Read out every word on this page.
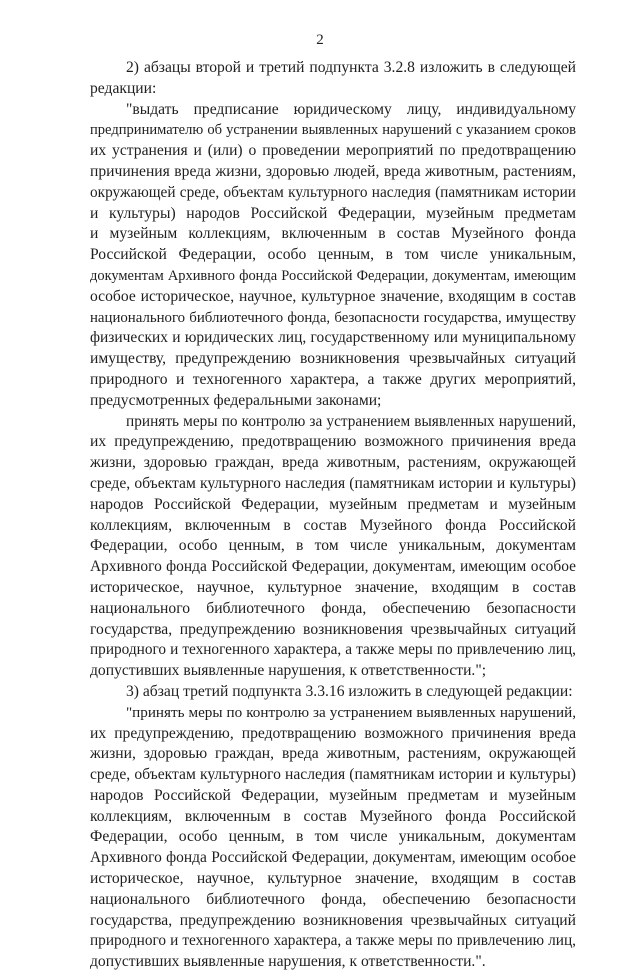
2
2) абзацы второй и третий подпункта 3.2.8 изложить в следующей
редакции:
"выдать предписание юридическому лицу, индивидуальному
предпринимателю об устранении выявленных нарушений с указанием сроков
их устранения и (или) о проведении мероприятий по предотвращению
причинения вреда жизни, здоровью людей, вреда животным, растениям,
окружающей среде, объектам культурного наследия (памятникам истории
и культуры) народов Российской Федерации, музейным предметам
и музейным коллекциям, включенным в состав Музейного фонда
Российской Федерации, особо ценным, в том числе уникальным,
документам Архивного фонда Российской Федерации, документам, имеющим
особое историческое, научное, культурное значение, входящим в состав
национального библиотечного фонда, безопасности государства, имуществу
физических и юридических лиц, государственному или муниципальному
имуществу, предупреждению возникновения чрезвычайных ситуаций
природного и техногенного характера, а также других мероприятий,
предусмотренных федеральными законами;
принять меры по контролю за устранением выявленных нарушений,
их предупреждению, предотвращению возможного причинения вреда
жизни, здоровью граждан, вреда животным, растениям, окружающей
среде, объектам культурного наследия (памятникам истории и культуры)
народов Российской Федерации, музейным предметам и музейным
коллекциям, включенным в состав Музейного фонда Российской
Федерации, особо ценным, в том числе уникальным, документам
Архивного фонда Российской Федерации, документам, имеющим особое
историческое, научное, культурное значение, входящим в состав
национального библиотечного фонда, обеспечению безопасности
государства, предупреждению возникновения чрезвычайных ситуаций
природного и техногенного характера, а также меры по привлечению лиц,
допустивших выявленные нарушения, к ответственности.";
3) абзац третий подпункта 3.3.16 изложить в следующей редакции:
"принять меры по контролю за устранением выявленных нарушений,
их предупреждению, предотвращению возможного причинения вреда
жизни, здоровью граждан, вреда животным, растениям, окружающей
среде, объектам культурного наследия (памятникам истории и культуры)
народов Российской Федерации, музейным предметам и музейным
коллекциям, включенным в состав Музейного фонда Российской
Федерации, особо ценным, в том числе уникальным, документам
Архивного фонда Российской Федерации, документам, имеющим особое
историческое, научное, культурное значение, входящим в состав
национального библиотечного фонда, обеспечению безопасности
государства, предупреждению возникновения чрезвычайных ситуаций
природного и техногенного характера, а также меры по привлечению лиц,
допустивших выявленные нарушения, к ответственности.".
